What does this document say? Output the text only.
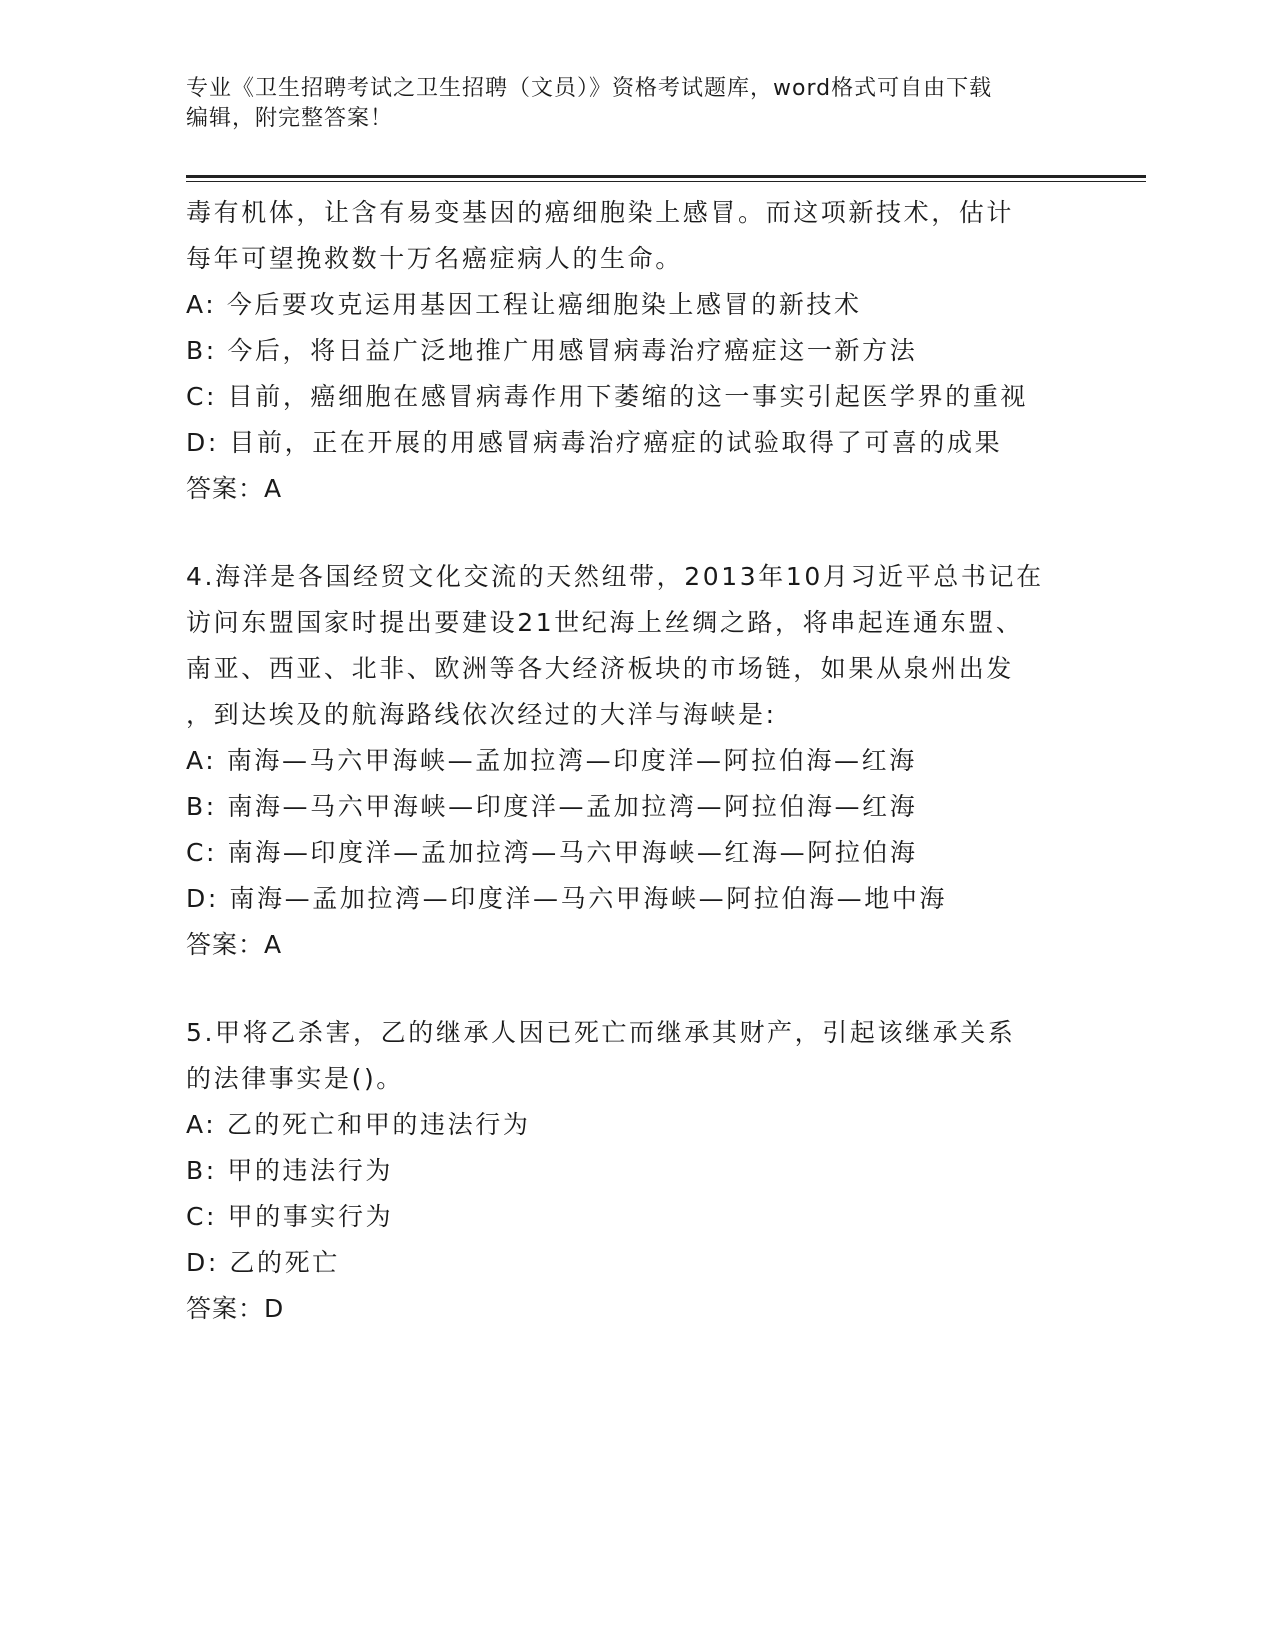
专业《卫生招聘考试之卫生招聘（文员）》资格考试题库，word格式可自由下载
编辑，附完整答案！
毒有机体，让含有易变基因的癌细胞染上感冒。而这项新技术，估计
每年可望挽救数十万名癌症病人的生命。
A: 今后要攻克运用基因工程让癌细胞染上感冒的新技术
B: 今后，将日益广泛地推广用感冒病毒治疗癌症这一新方法
C: 目前，癌细胞在感冒病毒作用下萎缩的这一事实引起医学界的重视
D: 目前，正在开展的用感冒病毒治疗癌症的试验取得了可喜的成果
答案：A
4.海洋是各国经贸文化交流的天然纽带，2013年10月习近平总书记在
访问东盟国家时提出要建设21世纪海上丝绸之路，将串起连通东盟、
南亚、西亚、北非、欧洲等各大经济板块的市场链，如果从泉州出发
，到达埃及的航海路线依次经过的大洋与海峡是:
A: 南海—马六甲海峡—孟加拉湾—印度洋—阿拉伯海—红海
B: 南海—马六甲海峡—印度洋—孟加拉湾—阿拉伯海—红海
C: 南海—印度洋—孟加拉湾—马六甲海峡—红海—阿拉伯海
D: 南海—孟加拉湾—印度洋—马六甲海峡—阿拉伯海—地中海
答案：A
5.甲将乙杀害，乙的继承人因已死亡而继承其财产，引起该继承关系
的法律事实是()。
A: 乙的死亡和甲的违法行为
B: 甲的违法行为
C: 甲的事实行为
D: 乙的死亡
答案：D
